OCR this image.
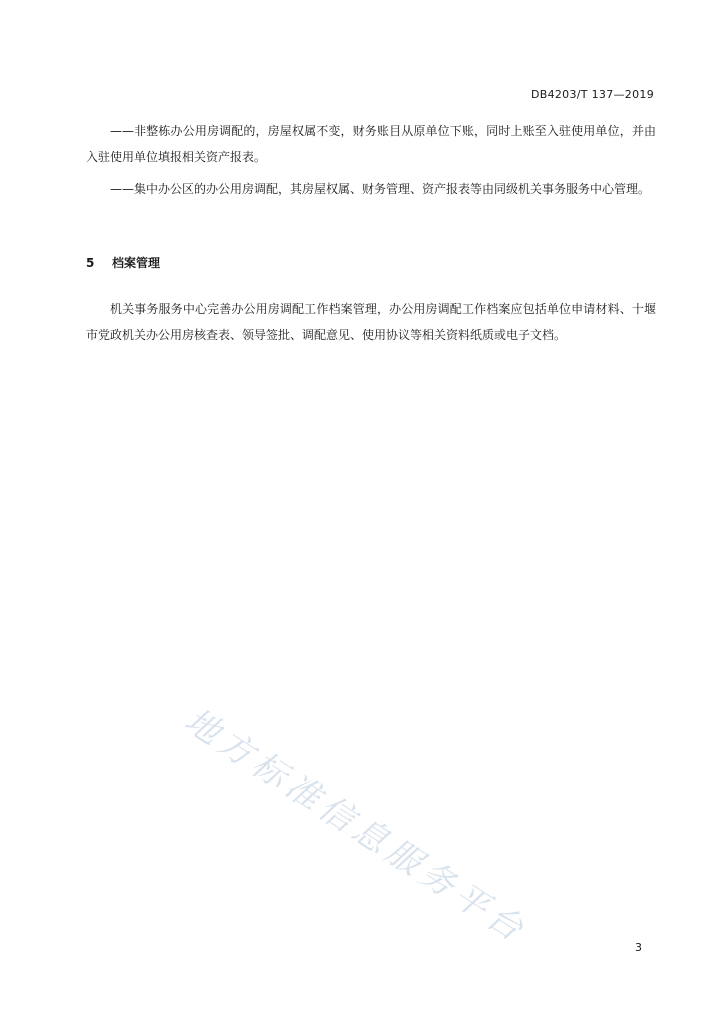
DB4203/T 137—2019

——非整栋办公用房调配的，房屋权属不变，财务账目从原单位下账，同时上账至入驻使用单位，并由入驻使用单位填报相关资产报表。

——集中办公区的办公用房调配，其房屋权属、财务管理、资产报表等由同级机关事务服务中心管理。

5 档案管理

机关事务服务中心完善办公用房调配工作档案管理，办公用房调配工作档案应包括单位申请材料、十堰市党政机关办公用房核查表、领导签批、调配意见、使用协议等相关资料纸质或电子文档。

地方标准信息服务平台	3
